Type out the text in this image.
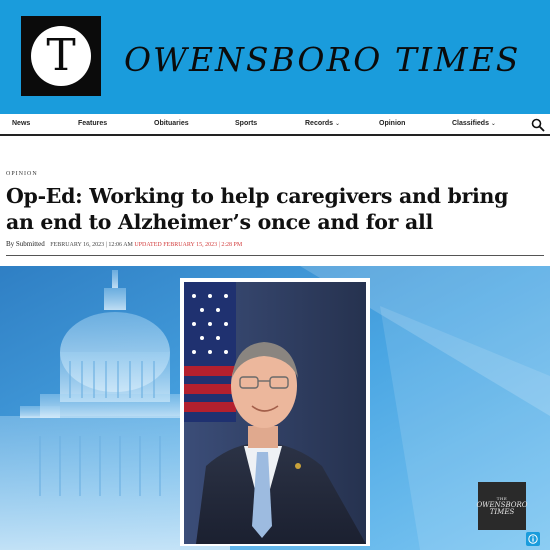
T	OWENSBORO TIMES
News	Features	Obituaries	Sports	Records ⌄	Opinion	Classifieds ⌄
OPINION
Op-Ed: Working to help caregivers and bring an end to Alzheimer’s once and for all
By Submitted FEBRUARY 16, 2023 | 12:06 AM UPDATED FEBRUARY 15, 2023 | 2:28 PM
THE
OWENSBORO
TIMES
